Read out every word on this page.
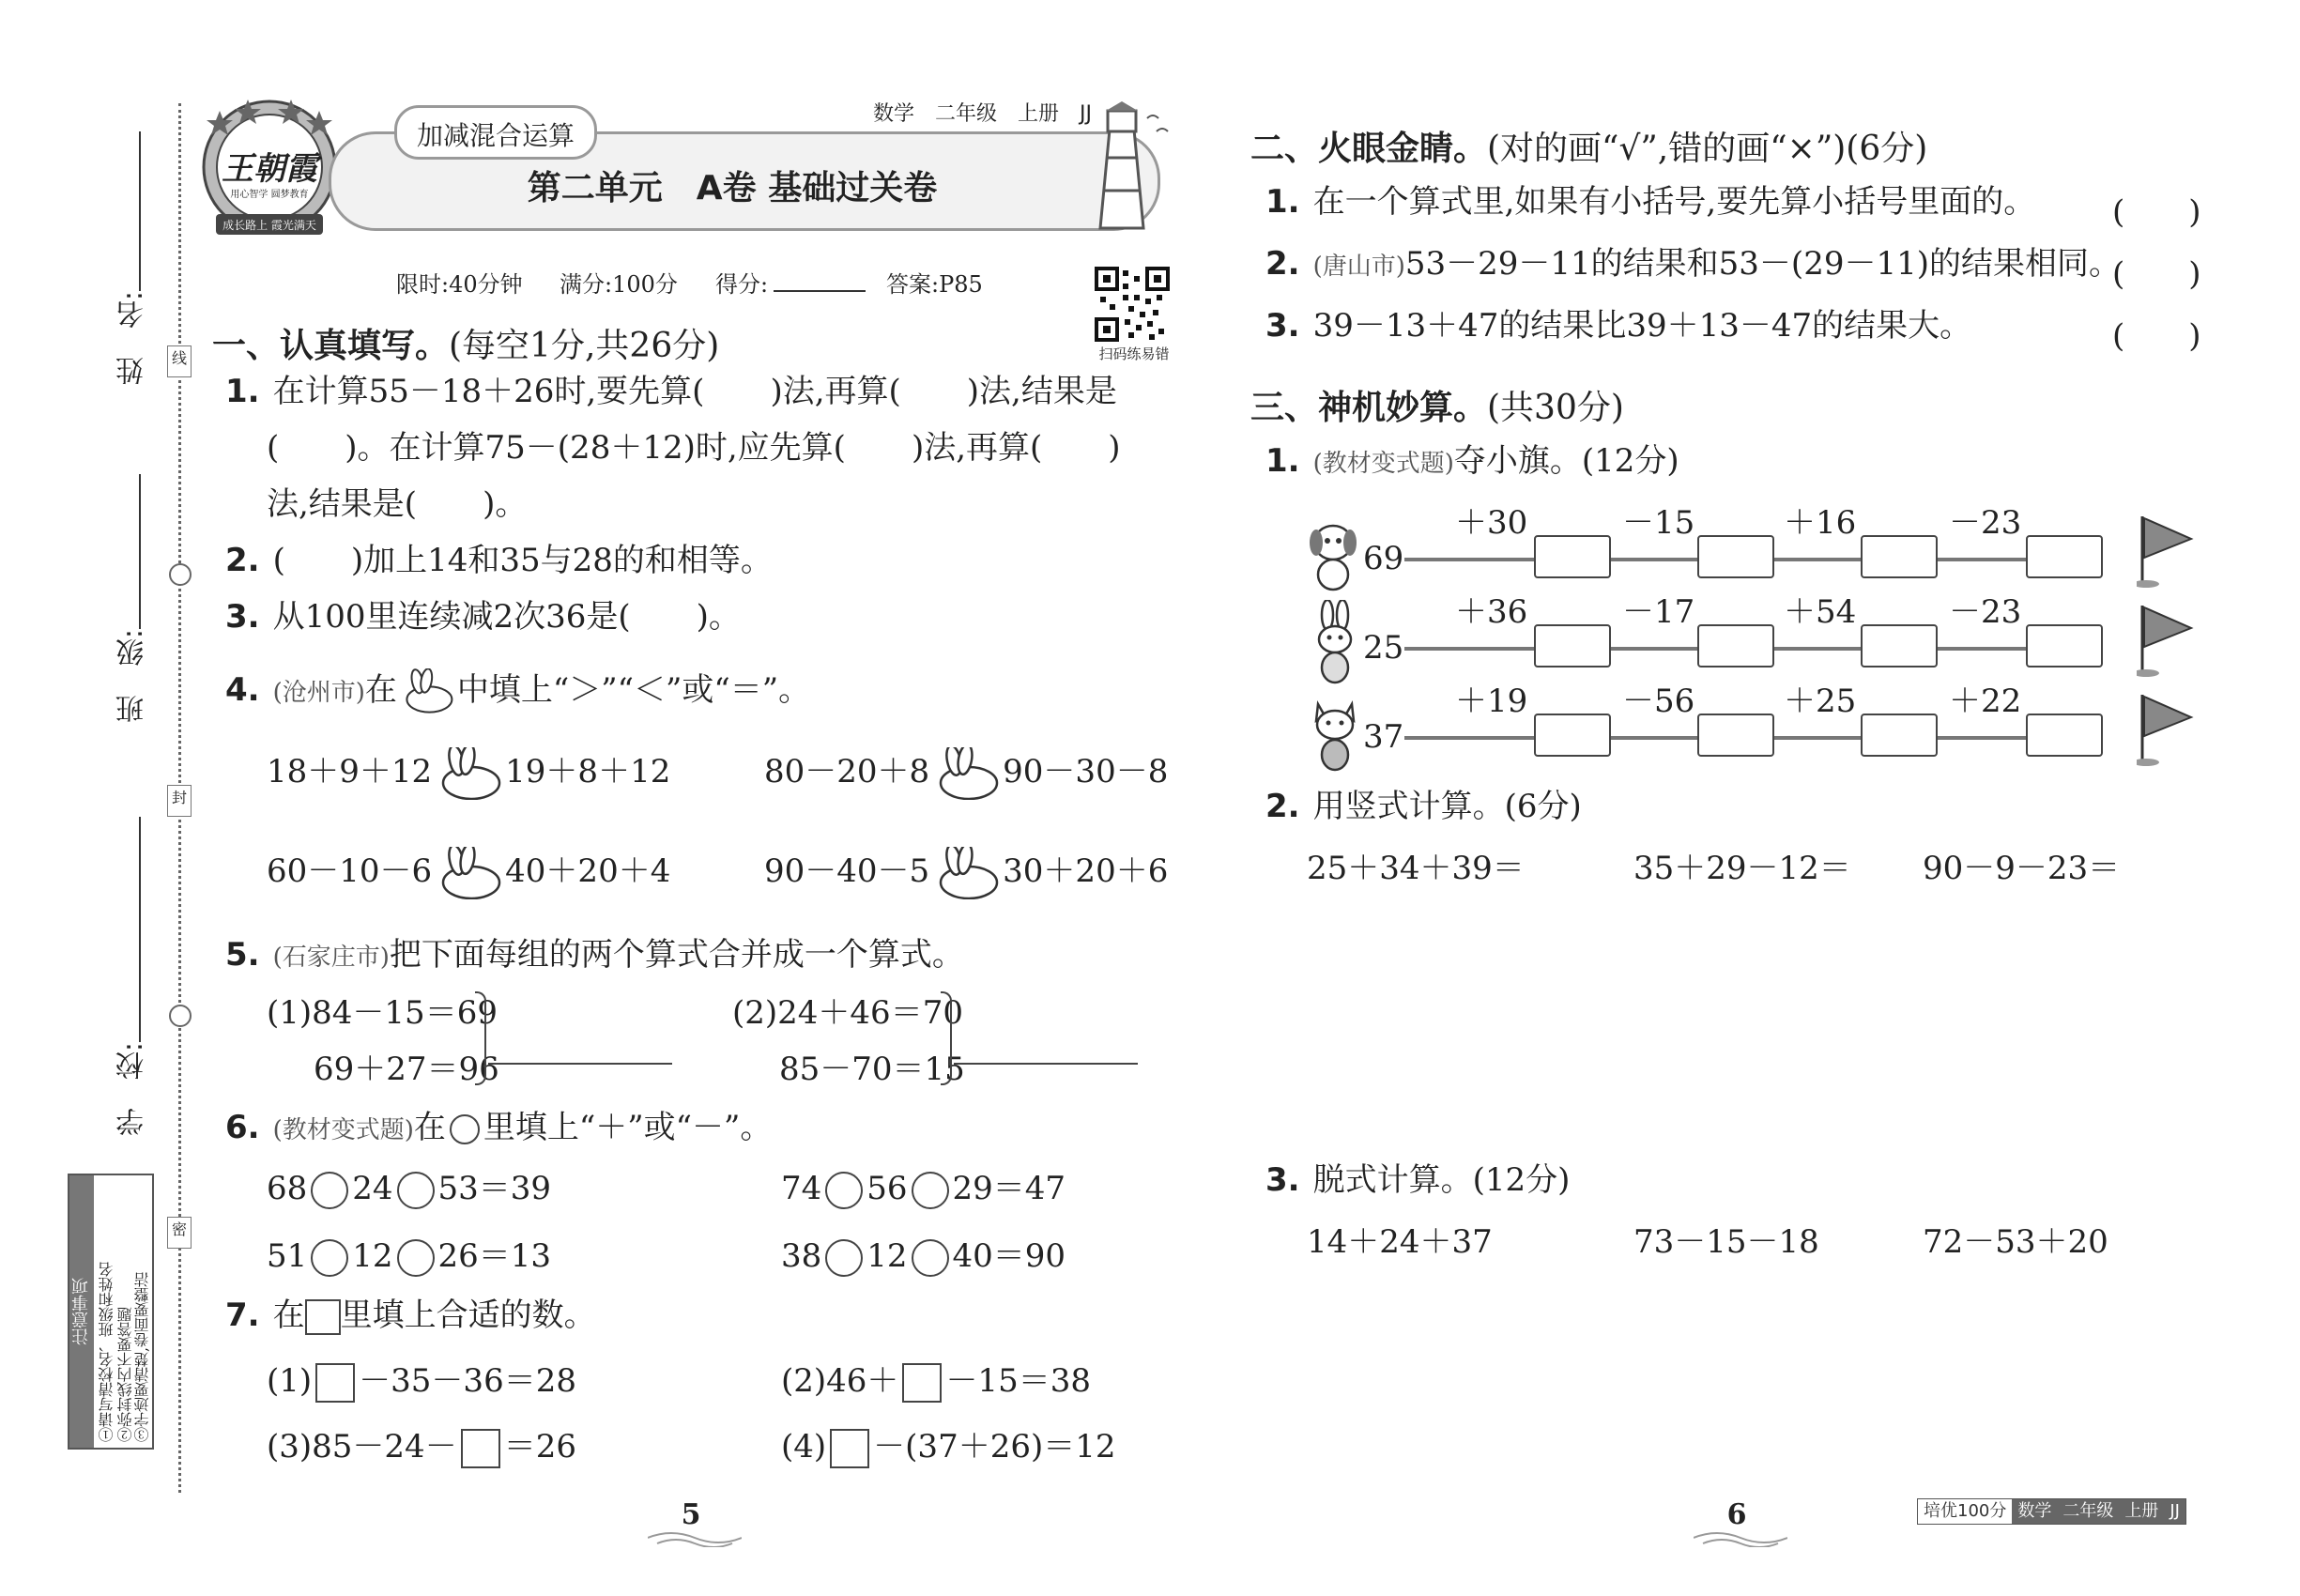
姓　名:
班　级:
学　校:
线
封
密
注意事项 ①请写清校名、班级和姓名 ②弥封线内不要答题 ③字迹要清楚,卷面要整洁
王朝霞
用心智学 圆梦教育
成长路上 霞光满天
加减混合运算
数学　二年级　上册　JJ
第二单元　A卷 基础过关卷
限时:40分钟 满分:100分 得分:	答案:P85
扫码练易错
一、认真填写。(每空1分,共26分)
1. 在计算55－18＋26时,要先算( )法,再算( )法,结果是
( )。在计算75－(28＋12)时,应先算( )法,再算( )
法,结果是( )。
2. ( )加上14和35与28的和相等。
3. 从100里连续减2次36是( )。
4. (沧州市)在 中填上“＞”“＜”或“＝”。
18＋9＋12 19＋8＋12	80－20＋8 90－30－8
60－10－6 40＋20＋4	90－40－5 30＋20＋6
5. (石家庄市)把下面每组的两个算式合并成一个算式。
(1)84－15＝69
69＋27＝96
(2)24＋46＝70
85－70＝15
6. (教材变式题)在 里填上“＋”或“－”。
68 24 53＝39	74 56 29＝47
51 12 26＝13	38 12 40＝90
7. 在 里填上合适的数。
(1) －35－36＝28	(2)46＋ －15＝38
(3)85－24－ ＝26	(4) －(37＋26)＝12
二、火眼金睛。(对的画“√”,错的画“×”)(6分)
1. 在一个算式里,如果有小括号,要先算小括号里面的。 (　　)
2. (唐山市)53－29－11的结果和53－(29－11)的结果相同。
(　　)
3. 39－13＋47的结果比39＋13－47的结果大。	(　　)
三、神机妙算。(共30分)
1. (教材变式题)夺小旗。(12分)
69
＋30	－15	＋16	－23
25
＋36	－17	＋54	－23
37
＋19	－56	＋25	＋22
2. 用竖式计算。(6分)
25＋34＋39＝	35＋29－12＝ 90－9－23＝
3. 脱式计算。(12分)
14＋24＋37	73－15－18	72－53＋20
5	6	培优100分 数学 二年级 上册 JJ
